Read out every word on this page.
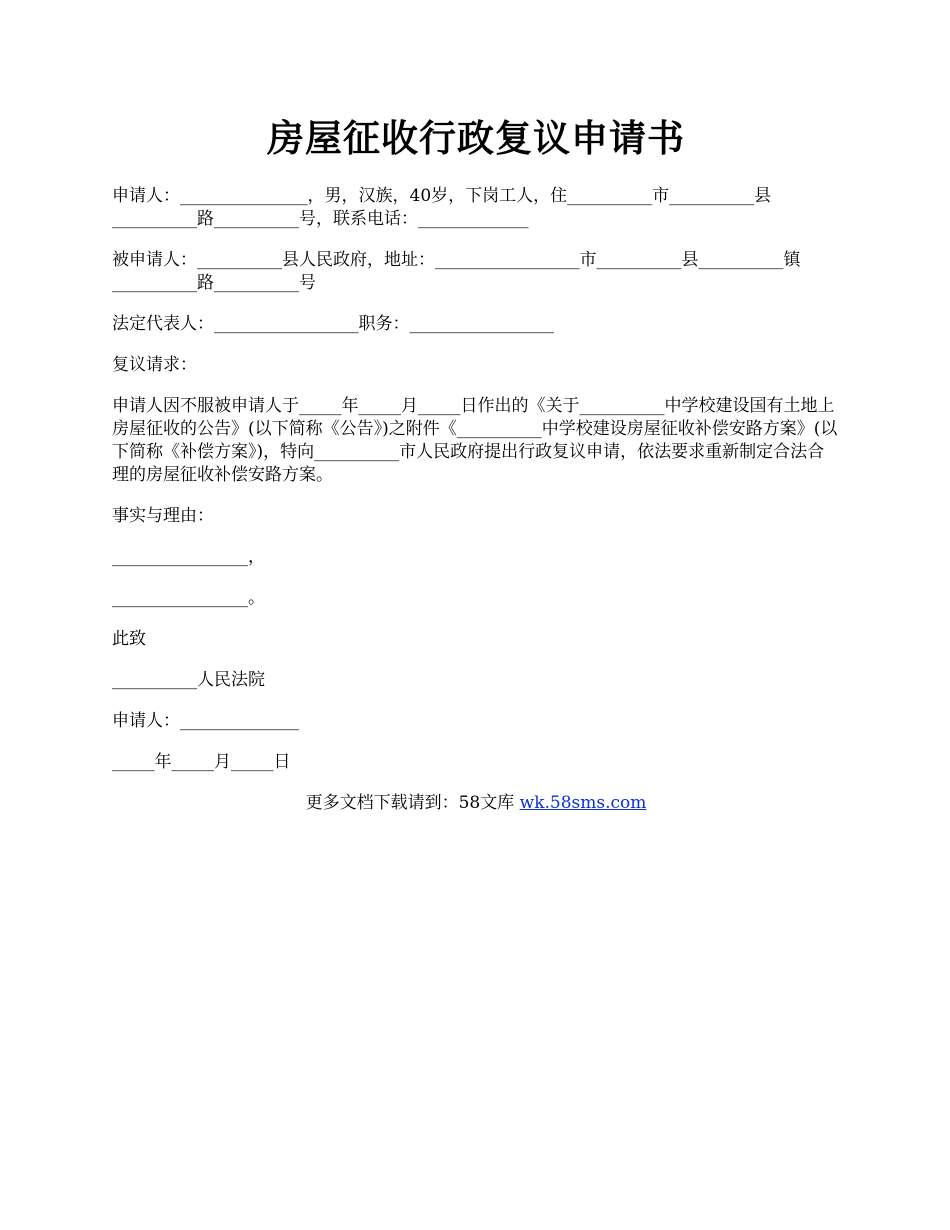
房屋征收行政复议申请书

申请人：_______________，男，汉族，40岁，下岗工人，住__________市__________县__________路__________号，联系电话：_____________

被申请人：__________县人民政府，地址：_________________市__________县__________镇__________路__________号

法定代表人：_________________职务：_________________

复议请求：

申请人因不服被申请人于_____年_____月_____日作出的《关于__________中学校建设国有土地上房屋征收的公告》(以下简称《公告》)之附件《__________中学校建设房屋征收补偿安路方案》(以下简称《补偿方案》)，特向__________市人民政府提出行政复议申请，依法要求重新制定合法合理的房屋征收补偿安路方案。

事实与理由：

________________，

________________。

此致

__________人民法院

申请人：______________

_____年_____月_____日

更多文档下载请到：58文库 wk.58sms.com
